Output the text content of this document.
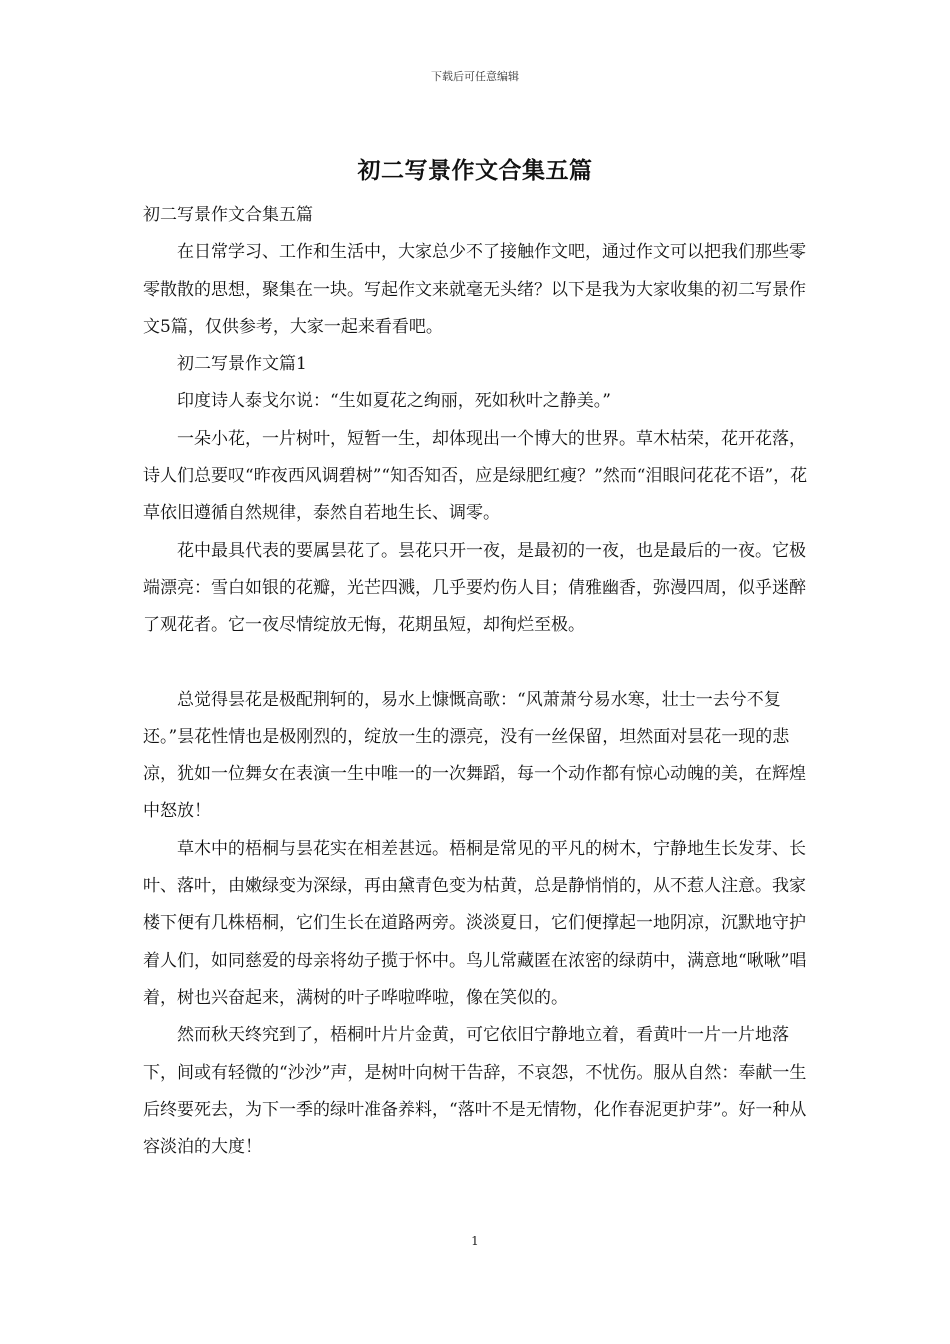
下载后可任意编辑
初二写景作文合集五篇

初二写景作文合集五篇

在日常学习、工作和生活中，大家总少不了接触作文吧，通过作文可以把我们那些零零散散的思想，聚集在一块。写起作文来就毫无头绪？以下是我为大家收集的初二写景作文5篇，仅供参考，大家一起来看看吧。

初二写景作文篇1

印度诗人泰戈尔说：“生如夏花之绚丽，死如秋叶之静美。”

一朵小花，一片树叶，短暂一生，却体现出一个博大的世界。草木枯荣，花开花落，诗人们总要叹“昨夜西风调碧树”“知否知否，应是绿肥红瘦？”然而“泪眼问花花不语”，花草依旧遵循自然规律，泰然自若地生长、调零。

花中最具代表的要属昙花了。昙花只开一夜，是最初的一夜，也是最后的一夜。它极端漂亮：雪白如银的花瓣，光芒四溅，几乎要灼伤人目；倩雅幽香，弥漫四周，似乎迷醉了观花者。它一夜尽情绽放无悔，花期虽短，却徇烂至极。

总觉得昙花是极配荆轲的，易水上慷慨高歌：“风萧萧兮易水寒，壮士一去兮不复还。”昙花性情也是极刚烈的，绽放一生的漂亮，没有一丝保留，坦然面对昙花一现的悲凉，犹如一位舞女在表演一生中唯一的一次舞蹈，每一个动作都有惊心动魄的美，在辉煌中怒放！

草木中的梧桐与昙花实在相差甚远。梧桐是常见的平凡的树木，宁静地生长发芽、长叶、落叶，由嫩绿变为深绿，再由黛青色变为枯黄，总是静悄悄的，从不惹人注意。我家楼下便有几株梧桐，它们生长在道路两旁。淡淡夏日，它们便撑起一地阴凉，沉默地守护着人们，如同慈爱的母亲将幼子揽于怀中。鸟儿常藏匿在浓密的绿荫中，满意地“啾啾”唱着，树也兴奋起来，满树的叶子哗啦哗啦，像在笑似的。

然而秋天终究到了，梧桐叶片片金黄，可它依旧宁静地立着，看黄叶一片一片地落下，间或有轻微的“沙沙”声，是树叶向树干告辞，不哀怨，不忧伤。服从自然：奉献一生后终要死去，为下一季的绿叶准备养料，“落叶不是无情物，化作春泥更护芽”。好一种从容淡泊的大度！

1
